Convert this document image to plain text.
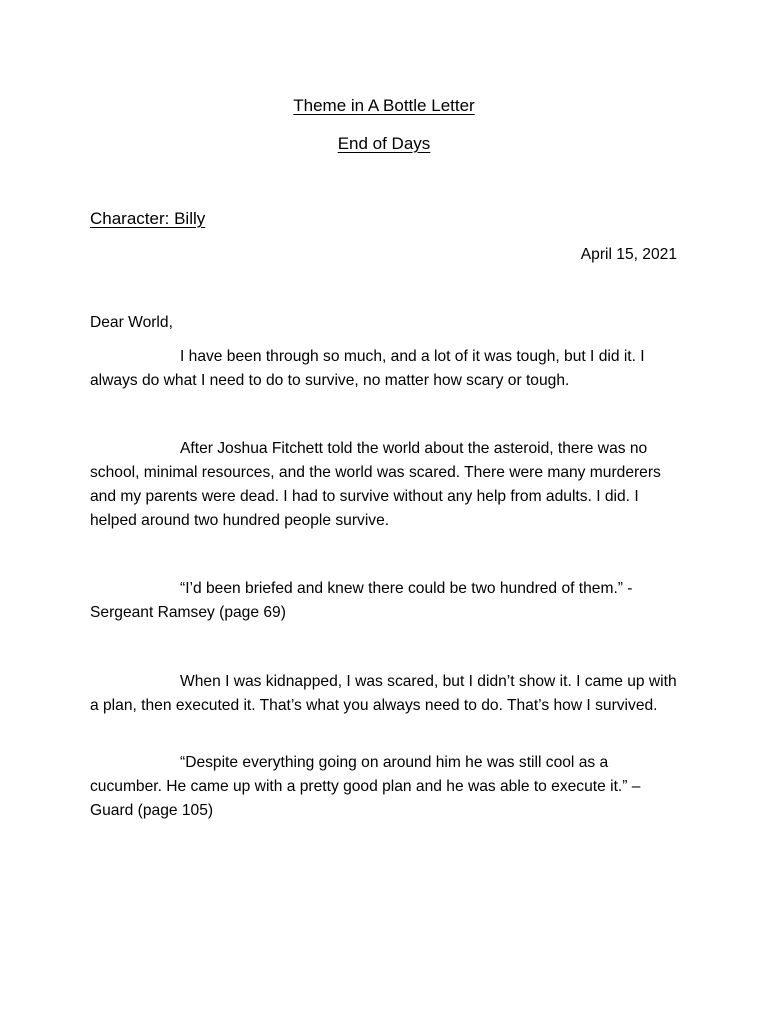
Theme in A Bottle Letter
End of Days
Character: Billy
April 15, 2021
Dear World,

I have been through so much, and a lot of it was tough, but I did it. I always do what I need to do to survive, no matter how scary or tough.

After Joshua Fitchett told the world about the asteroid, there was no school, minimal resources, and the world was scared. There were many murderers and my parents were dead. I had to survive without any help from adults. I did. I helped around two hundred people survive.

“I’d been briefed and knew there could be two hundred of them.” - Sergeant Ramsey (page 69)

When I was kidnapped, I was scared, but I didn’t show it. I came up with a plan, then executed it. That’s what you always need to do. That’s how I survived.

“Despite everything going on around him he was still cool as a cucumber. He came up with a pretty good plan and he was able to execute it.” – Guard (page 105)
